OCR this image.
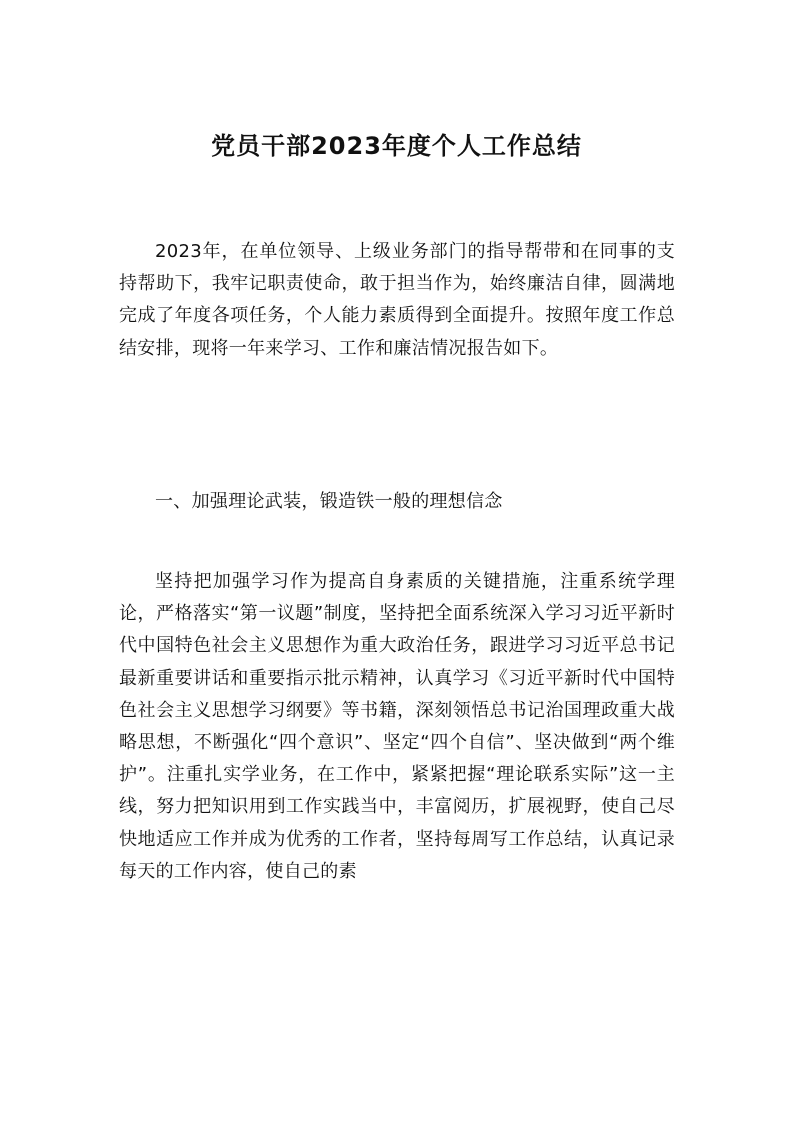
党员干部2023年度个人工作总结

2023年，在单位领导、上级业务部门的指导帮带和在同事的支持帮助下，我牢记职责使命，敢于担当作为，始终廉洁自律，圆满地完成了年度各项任务，个人能力素质得到全面提升。按照年度工作总结安排，现将一年来学习、工作和廉洁情况报告如下。

一、加强理论武装，锻造铁一般的理想信念

坚持把加强学习作为提高自身素质的关键措施，注重系统学理论，严格落实“第一议题”制度，坚持把全面系统深入学习习近平新时代中国特色社会主义思想作为重大政治任务，跟进学习习近平总书记最新重要讲话和重要指示批示精神，认真学习《习近平新时代中国特色社会主义思想学习纲要》等书籍，深刻领悟总书记治国理政重大战略思想，不断强化“四个意识”、坚定“四个自信”、坚决做到“两个维护”。注重扎实学业务，在工作中，紧紧把握“理论联系实际”这一主线，努力把知识用到工作实践当中，丰富阅历，扩展视野，使自己尽快地适应工作并成为优秀的工作者，坚持每周写工作总结，认真记录每天的工作内容，使自己的素
